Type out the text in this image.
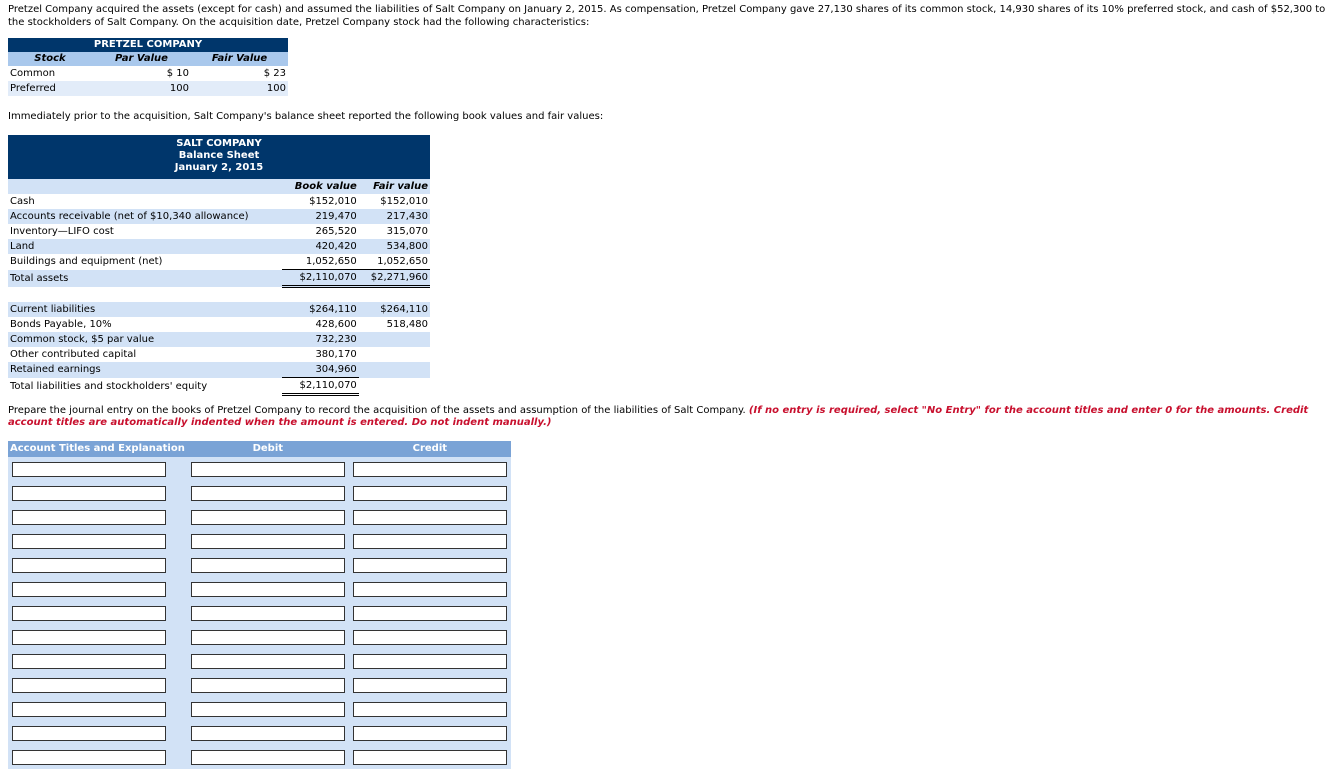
Pretzel Company acquired the assets (except for cash) and assumed the liabilities of Salt Company on January 2, 2015. As compensation, Pretzel Company gave 27,130 shares of its common stock, 14,930 shares of its 10% preferred stock, and cash of $52,300 to the stockholders of Salt Company. On the acquisition date, Pretzel Company stock had the following characteristics:

PRETZEL COMPANY		
Stock	Par Value	Fair Value
Common	$ 10	$ 23
Preferred	100	100

Immediately prior to the acquisition, Salt Company's balance sheet reported the following book values and fair values:

SALT COMPANY		
Balance Sheet		
January 2, 2015		
	Book value	Fair value
Cash	$152,010	$152,010
Accounts receivable (net of $10,340 allowance)	219,470	217,430
Inventory—LIFO cost	265,520	315,070
Land	420,420	534,800
Buildings and equipment (net)	1,052,650	1,052,650
Total assets	$2,110,070	$2,271,960

Current liabilities	$264,110	$264,110
Bonds Payable, 10%	428,600	518,480
Common stock, $5 par value	732,230	
Other contributed capital	380,170	
Retained earnings	304,960	
Total liabilities and stockholders' equity	$2,110,070	

Prepare the journal entry on the books of Pretzel Company to record the acquisition of the assets and assumption of the liabilities of Salt Company. (If no entry is required, select "No Entry" for the account titles and enter 0 for the amounts. Credit account titles are automatically indented when the amount is entered. Do not indent manually.)

Account Titles and Explanation	Debit	Credit
